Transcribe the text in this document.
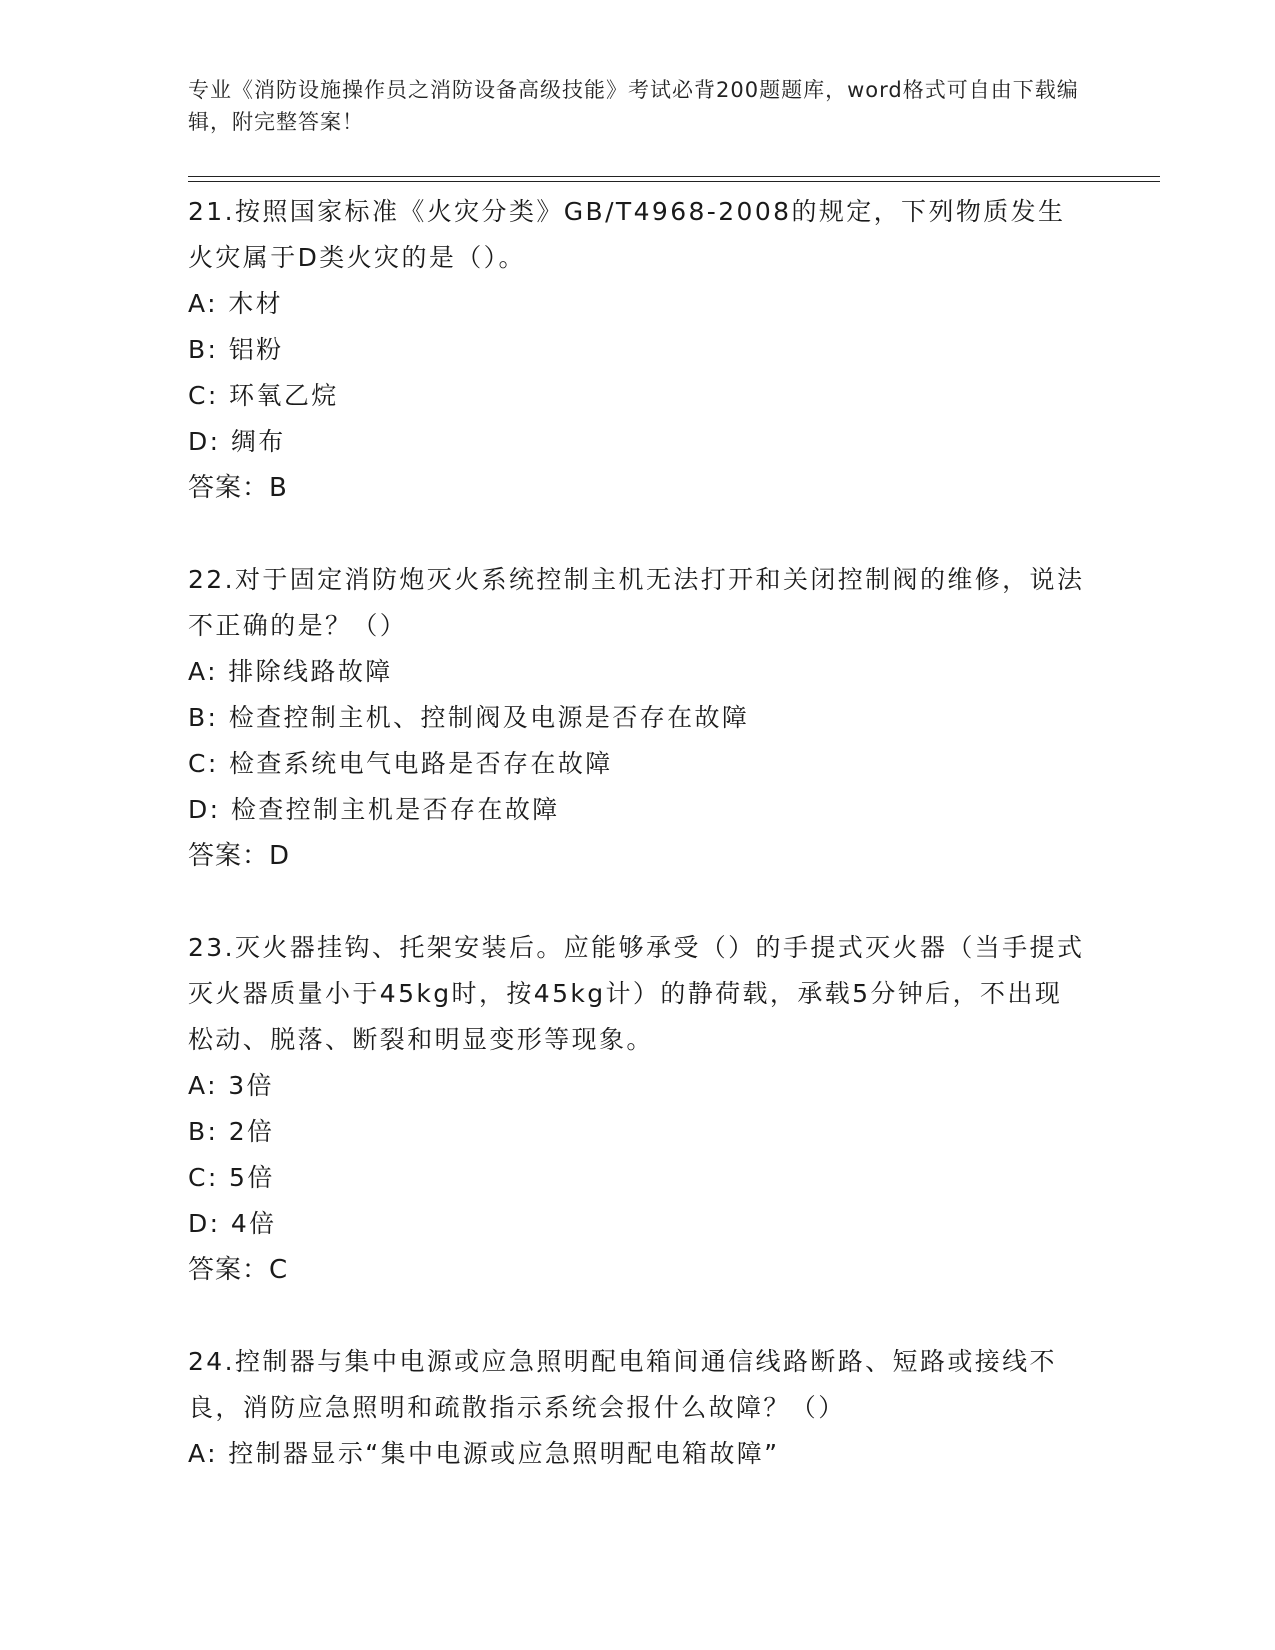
专业《消防设施操作员之消防设备高级技能》考试必背200题题库，word格式可自由下载编辑，附完整答案！

21.按照国家标准《火灾分类》GB/T4968-2008的规定，下列物质发生火灾属于D类火灾的是（）。

A: 木材

B: 铝粉

C: 环氧乙烷

D: 绸布

答案：B

22.对于固定消防炮灭火系统控制主机无法打开和关闭控制阀的维修，说法不正确的是？（）

A: 排除线路故障

B: 检查控制主机、控制阀及电源是否存在故障

C: 检查系统电气电路是否存在故障

D: 检查控制主机是否存在故障

答案：D

23.灭火器挂钩、托架安装后。应能够承受（）的手提式灭火器（当手提式灭火器质量小于45kg时，按45kg计）的静荷载，承载5分钟后，不出现松动、脱落、断裂和明显变形等现象。

A: 3倍

B: 2倍

C: 5倍

D: 4倍

答案：C

24.控制器与集中电源或应急照明配电箱间通信线路断路、短路或接线不良，消防应急照明和疏散指示系统会报什么故障？（）

A: 控制器显示“集中电源或应急照明配电箱故障”
